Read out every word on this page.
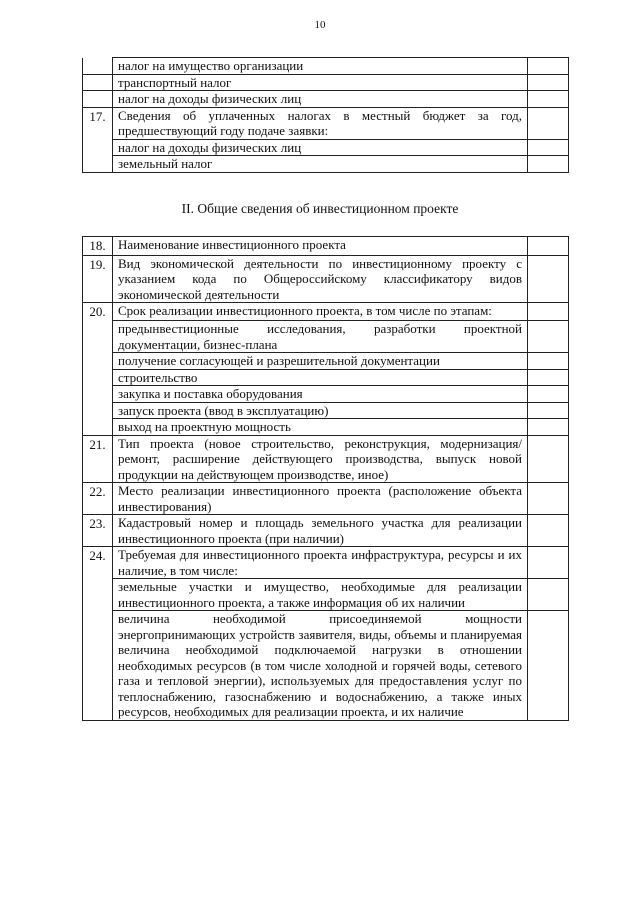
10
	налог на имущество организации	
	транспортный налог	
	налог на доходы физических лиц	
17.	Сведения об уплаченных налогах в местный бюджет за год, предшествующий году подаче заявки:	
	налог на доходы физических лиц	
	земельный налог	
II. Общие сведения об инвестиционном проекте
18.	Наименование инвестиционного проекта	
19.	Вид экономической деятельности по инвестиционному проекту с указанием кода по Общероссийскому классификатору видов экономической деятельности	
20.	Срок реализации инвестиционного проекта, в том числе по этапам:	
	предынвестиционные исследования, разработки проектной документации, бизнес-плана	
	получение согласующей и разрешительной документации	
	строительство	
	закупка и поставка оборудования	
	запуск проекта (ввод в эксплуатацию)	
	выход на проектную мощность	
21.	Тип проекта (новое строительство, реконструкция, модернизация/ремонт, расширение действующего производства, выпуск новой продукции на действующем производстве, иное)	
22.	Место реализации инвестиционного проекта (расположение объекта инвестирования)	
23.	Кадастровый номер и площадь земельного участка для реализации инвестиционного проекта (при наличии)	
24.	Требуемая для инвестиционного проекта инфраструктура, ресурсы и их наличие, в том числе:	
	земельные участки и имущество, необходимые для реализации инвестиционного проекта, а также информация об их наличии	
	величина необходимой присоединяемой мощности энергопринимающих устройств заявителя, виды, объемы и планируемая величина необходимой подключаемой нагрузки в отношении необходимых ресурсов (в том числе холодной и горячей воды, сетевого газа и тепловой энергии), используемых для предоставления услуг по теплоснабжению, газоснабжению и водоснабжению, а также иных ресурсов, необходимых для реализации проекта, и их наличие	
